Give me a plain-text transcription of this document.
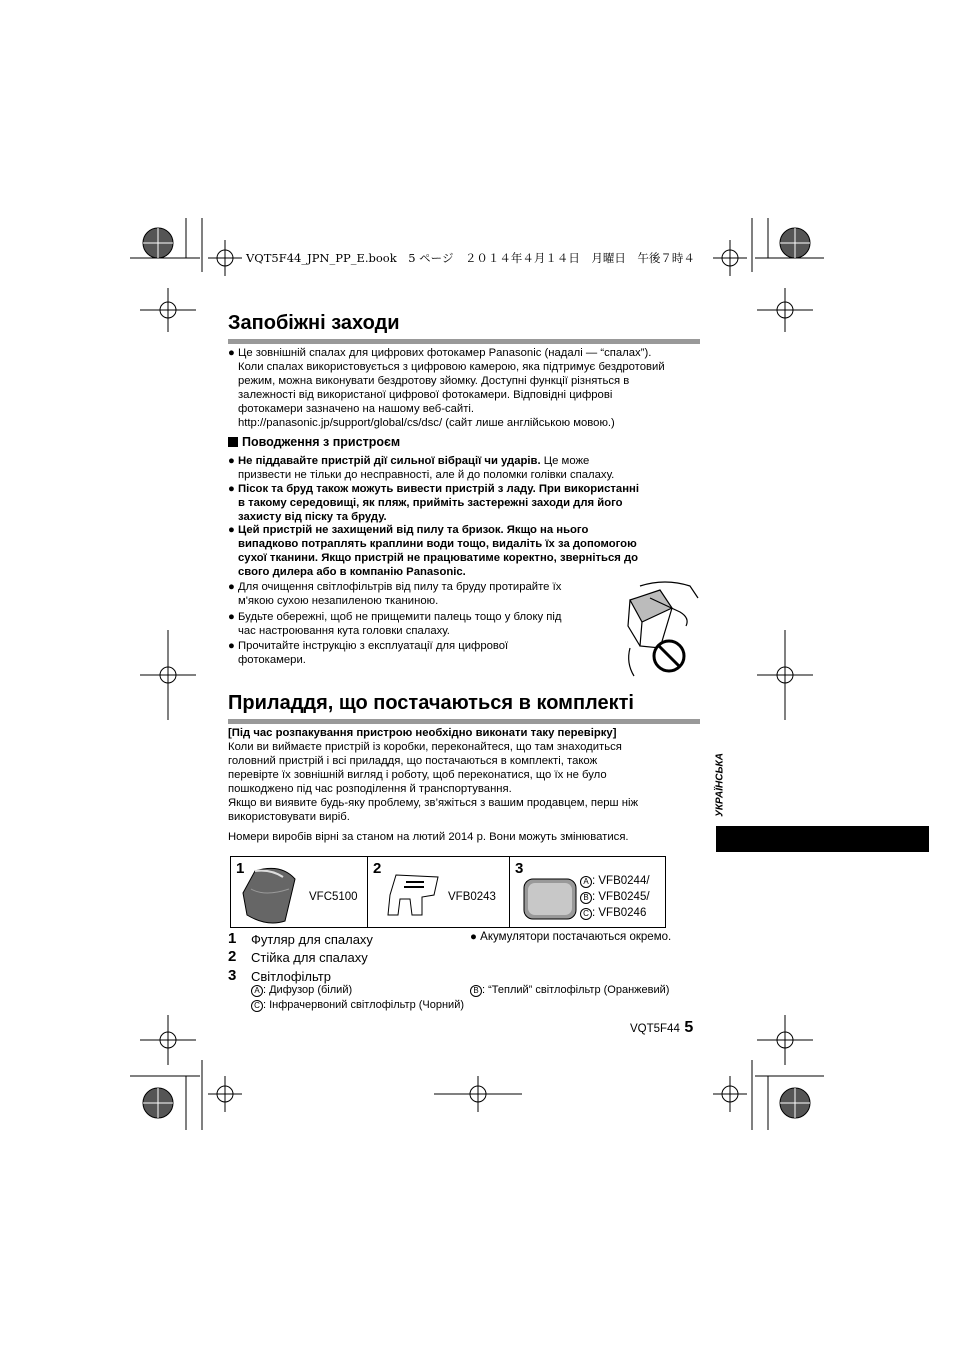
VQT5F44_JPN_PP_E.book　5 ページ　２０１４年４月１４日　月曜日　午後７時４
Запобіжні заходи
● Це зовнішній спалах для цифрових фотокамер Panasonic (надалі — “спалах”).
Коли спалах використовується з цифровою камерою, яка підтримує бездротовий
режим, можна виконувати бездротову зйомку. Доступні функції різняться в
залежності від використаної цифрової фотокамери. Відповідні цифрові
фотокамери зазначено на нашому веб-сайті.
http://panasonic.jp/support/global/cs/dsc/ (сайт лише англійською мовою.)
Поводження з пристроєм
● Не піддавайте пристрій дії сильної вібрації чи ударів. Це може
призвести не тільки до несправності, але й до поломки голівки спалаху.
● Пісок та бруд також можуть вивести пристрій з ладу. При використанні
в такому середовищі, як пляж, прийміть застережні заходи для його
захисту від піску та бруду.
● Цей пристрій не захищений від пилу та бризок. Якщо на нього
випадково потраплять краплини води тощо, видаліть їх за допомогою
сухої тканини. Якщо пристрій не працюватиме коректно, зверніться до
свого дилера або в компанію Panasonic.
● Для очищення світлофільтрів від пилу та бруду протирайте їх
м'якою сухою незапиленою тканиною.
● Будьте обережні, щоб не прищемити палець тощо у блоку під
час настроювання кута головки спалаху.
● Прочитайте інструкцію з експлуатації для цифрової
фотокамери.
Приладдя, що постачаються в комплекті
[Під час розпакування пристрою необхідно виконати таку перевірку]
Коли ви виймаєте пристрій із коробки, переконайтеся, що там знаходиться
головний пристрій і всі приладдя, що постачаються в комплекті, також
перевірте їх зовнішній вигляд і роботу, щоб переконатися, що їх не було
пошкоджено під час розподілення й транспортування.
Якщо ви виявите будь-яку проблему, зв’яжіться з вашим продавцем, перш ніж
використовувати виріб.
Номери виробів вірні за станом на лютий 2014 р. Вони можуть змінюватися.
УКРАЇНСЬКА
1
VFC5100

2
VFB0243

3
A : VFB0244/
B : VFB0245/
C : VFB0246
1 Футляр для спалаху
2 Стійка для спалаху
3 Світлофільтр
● Акумулятори постачаються окремо.
A : Дифузор (білий)	B : “Теплий” світлофільтр (Оранжевий)
C : Інфрачервоний світлофільтр (Чорний)
VQT5F44 5
